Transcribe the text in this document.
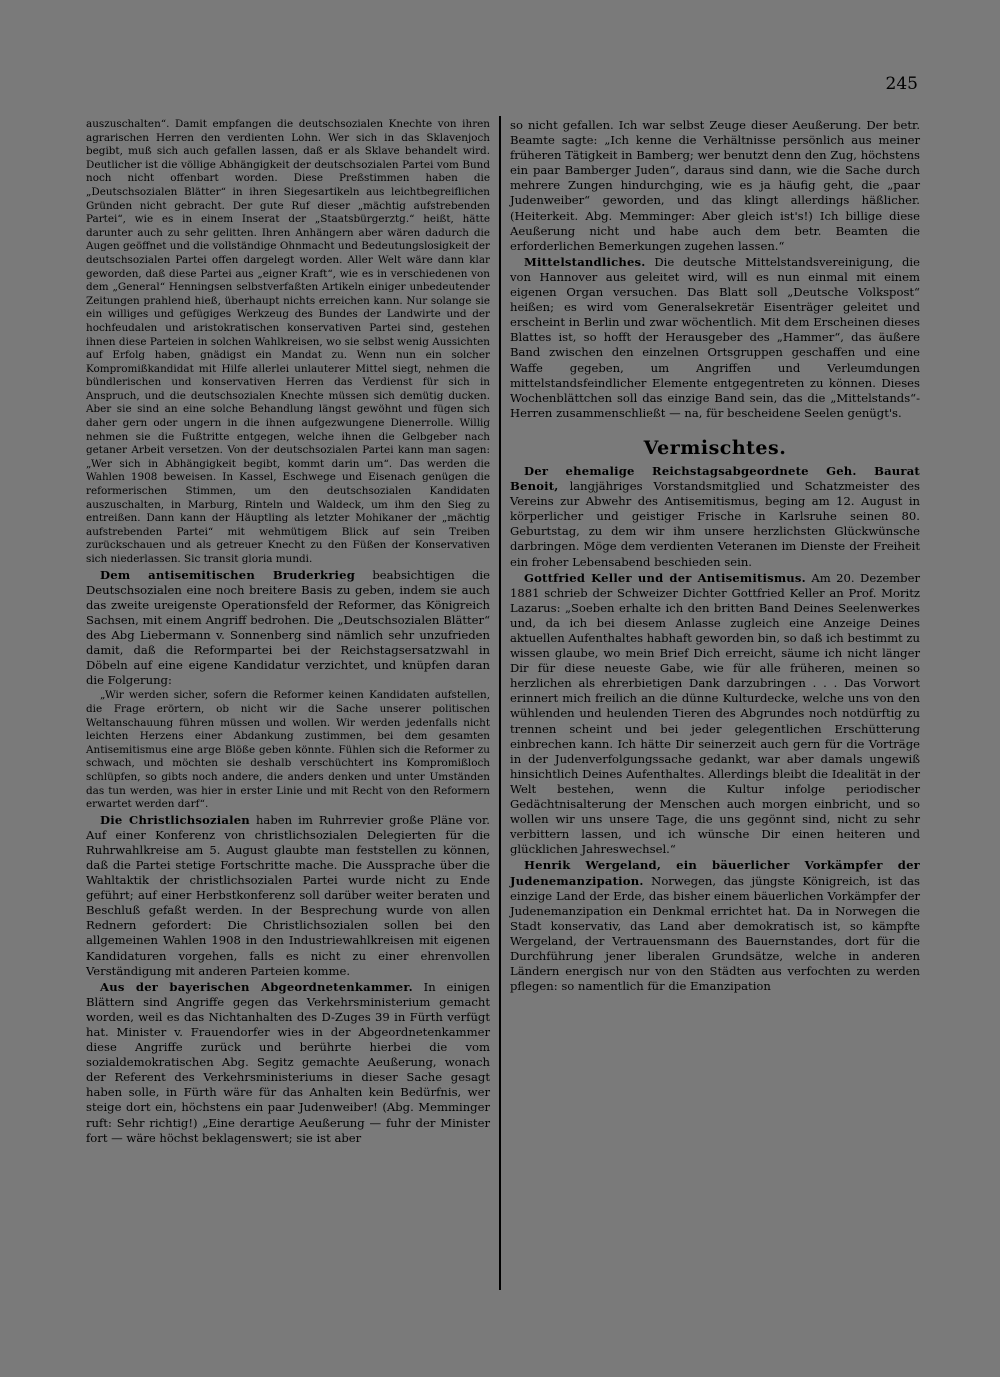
245

auszuschalten“. Damit empfangen die deutschsozialen Knechte von ihren agrarischen Herren den verdienten Lohn. Wer sich in das Sklavenjoch begibt, muß sich auch gefallen lassen, daß er als Sklave behandelt wird. Deutlicher ist die völlige Abhängigkeit der deutschsozialen Partei vom Bund noch nicht offenbart worden. Diese Preßstimmen haben die „Deutschsozialen Blätter“ in ihren Siegesartikeln aus leichtbegreiflichen Gründen nicht gebracht. Der gute Ruf dieser „mächtig aufstrebenden Partei“, wie es in einem Inserat der „Staatsbürgerztg.“ heißt, hätte darunter auch zu sehr gelitten. Ihren Anhängern aber wären dadurch die Augen geöffnet und die vollständige Ohnmacht und Bedeutungslosigkeit der deutschsozialen Partei offen dargelegt worden. Aller Welt wäre dann klar geworden, daß diese Partei aus „eigner Kraft“, wie es in verschiedenen von dem „General“ Henningsen selbstverfaßten Artikeln einiger unbedeutender Zeitungen prahlend hieß, überhaupt nichts erreichen kann. Nur solange sie ein williges und gefügiges Werkzeug des Bundes der Landwirte und der hochfeudalen und aristokratischen konservativen Partei sind, gestehen ihnen diese Parteien in solchen Wahlkreisen, wo sie selbst wenig Aussichten auf Erfolg haben, gnädigst ein Mandat zu. Wenn nun ein solcher Kompromißkandidat mit Hilfe allerlei unlauterer Mittel siegt, nehmen die bündlerischen und konservativen Herren das Verdienst für sich in Anspruch, und die deutschsozialen Knechte müssen sich demütig ducken. Aber sie sind an eine solche Behandlung längst gewöhnt und fügen sich daher gern oder ungern in die ihnen aufgezwungene Dienerrolle. Willig nehmen sie die Fußtritte entgegen, welche ihnen die Gelbgeber nach getaner Arbeit versetzen. Von der deutschsozialen Partei kann man sagen: „Wer sich in Abhängigkeit begibt, kommt darin um“. Das werden die Wahlen 1908 beweisen. In Kassel, Eschwege und Eisenach genügen die reformerischen Stimmen, um den deutschsozialen Kandidaten auszuschalten, in Marburg, Rinteln und Waldeck, um ihm den Sieg zu entreißen. Dann kann der Häuptling als letzter Mohikaner der „mächtig aufstrebenden Partei“ mit wehmütigem Blick auf sein Treiben zurückschauen und als getreuer Knecht zu den Füßen der Konservativen sich niederlassen. Sic transit gloria mundi.

Dem antisemitischen Bruderkrieg beabsichtigen die Deutschsozialen eine noch breitere Basis zu geben, indem sie auch das zweite ureigenste Operationsfeld der Reformer, das Königreich Sachsen, mit einem Angriff bedrohen. Die „Deutschsozialen Blätter“ des Abg Liebermann v. Sonnenberg sind nämlich sehr unzufrieden damit, daß die Reformpartei bei der Reichstagsersatzwahl in Döbeln auf eine eigene Kandidatur verzichtet, und knüpfen daran die Folgerung:

„Wir werden sicher, sofern die Reformer keinen Kandidaten aufstellen, die Frage erörtern, ob nicht wir die Sache unserer politischen Weltanschauung führen müssen und wollen. Wir werden jedenfalls nicht leichten Herzens einer Abdankung zustimmen, bei dem gesamten Antisemitismus eine arge Blöße geben könnte. Fühlen sich die Reformer zu schwach, und möchten sie deshalb verschüchtert ins Kompromißloch schlüpfen, so gibts noch andere, die anders denken und unter Umständen das tun werden, was hier in erster Linie und mit Recht von den Reformern erwartet werden darf“.

Die Christlichsozialen haben im Ruhrrevier große Pläne vor. Auf einer Konferenz von christlichsozialen Delegierten für die Ruhrwahlkreise am 5. August glaubte man feststellen zu können, daß die Partei stetige Fortschritte mache. Die Aussprache über die Wahltaktik der christlichsozialen Partei wurde nicht zu Ende geführt; auf einer Herbstkonferenz soll darüber weiter beraten und Beschluß gefaßt werden. In der Besprechung wurde von allen Rednern gefordert: Die Christlichsozialen sollen bei den allgemeinen Wahlen 1908 in den Industriewahlkreisen mit eigenen Kandidaturen vorgehen, falls es nicht zu einer ehrenvollen Verständigung mit anderen Parteien komme.

Aus der bayerischen Abgeordnetenkammer. In einigen Blättern sind Angriffe gegen das Verkehrsministerium gemacht worden, weil es das Nichtanhalten des D-Zuges 39 in Fürth verfügt hat. Minister v. Frauendorfer wies in der Abgeordnetenkammer diese Angriffe zurück und berührte hierbei die vom sozialdemokratischen Abg. Segitz gemachte Aeußerung, wonach der Referent des Verkehrsministeriums in dieser Sache gesagt haben solle, in Fürth wäre für das Anhalten kein Bedürfnis, wer steige dort ein, höchstens ein paar Judenweiber! (Abg. Memminger ruft: Sehr richtig!) „Eine derartige Aeußerung — fuhr der Minister fort — wäre höchst beklagenswert; sie ist aber

so nicht gefallen. Ich war selbst Zeuge dieser Aeußerung. Der betr. Beamte sagte: „Ich kenne die Verhältnisse persönlich aus meiner früheren Tätigkeit in Bamberg; wer benutzt denn den Zug, höchstens ein paar Bamberger Juden“, daraus sind dann, wie die Sache durch mehrere Zungen hindurchging, wie es ja häufig geht, die „paar Judenweiber“ geworden, und das klingt allerdings häßlicher. (Heiterkeit. Abg. Memminger: Aber gleich ist's!) Ich billige diese Aeußerung nicht und habe auch dem betr. Beamten die erforderlichen Bemerkungen zugehen lassen.“

Mittelstandliches. Die deutsche Mittelstandsvereinigung, die von Hannover aus geleitet wird, will es nun einmal mit einem eigenen Organ versuchen. Das Blatt soll „Deutsche Volkspost“ heißen; es wird vom Generalsekretär Eisenträger geleitet und erscheint in Berlin und zwar wöchentlich. Mit dem Erscheinen dieses Blattes ist, so hofft der Herausgeber des „Hammer“, das äußere Band zwischen den einzelnen Ortsgruppen geschaffen und eine Waffe gegeben, um Angriffen und Verleumdungen mittelstandsfeindlicher Elemente entgegentreten zu können. Dieses Wochenblättchen soll das einzige Band sein, das die „Mittelstands“-Herren zusammenschließt — na, für bescheidene Seelen genügt's.

Vermischtes.

Der ehemalige Reichstagsabgeordnete Geh. Baurat Benoit, langjähriges Vorstandsmitglied und Schatzmeister des Vereins zur Abwehr des Antisemitismus, beging am 12. August in körperlicher und geistiger Frische in Karlsruhe seinen 80. Geburtstag, zu dem wir ihm unsere herzlichsten Glückwünsche darbringen. Möge dem verdienten Veteranen im Dienste der Freiheit ein froher Lebensabend beschieden sein.

Gottfried Keller und der Antisemitismus. Am 20. Dezember 1881 schrieb der Schweizer Dichter Gottfried Keller an Prof. Moritz Lazarus: „Soeben erhalte ich den britten Band Deines Seelenwerkes und, da ich bei diesem Anlasse zugleich eine Anzeige Deines aktuellen Aufenthaltes habhaft geworden bin, so daß ich bestimmt zu wissen glaube, wo mein Brief Dich erreicht, säume ich nicht länger Dir für diese neueste Gabe, wie für alle früheren, meinen so herzlichen als ehrerbietigen Dank darzubringen . . . Das Vorwort erinnert mich freilich an die dünne Kulturdecke, welche uns von den wühlenden und heulenden Tieren des Abgrundes noch notdürftig zu trennen scheint und bei jeder gelegentlichen Erschütterung einbrechen kann. Ich hätte Dir seinerzeit auch gern für die Vorträge in der Judenverfolgungssache gedankt, war aber damals ungewiß hinsichtlich Deines Aufenthaltes. Allerdings bleibt die Idealität in der Welt bestehen, wenn die Kultur infolge periodischer Gedächtnisalterung der Menschen auch morgen einbricht, und so wollen wir uns unsere Tage, die uns gegönnt sind, nicht zu sehr verbittern lassen, und ich wünsche Dir einen heiteren und glücklichen Jahreswechsel.“

Henrik Wergeland, ein bäuerlicher Vorkämpfer der Judenemanzipation. Norwegen, das jüngste Königreich, ist das einzige Land der Erde, das bisher einem bäuerlichen Vorkämpfer der Judenemanzipation ein Denkmal errichtet hat. Da in Norwegen die Stadt konservativ, das Land aber demokratisch ist, so kämpfte Wergeland, der Vertrauensmann des Bauernstandes, dort für die Durchführung jener liberalen Grundsätze, welche in anderen Ländern energisch nur von den Städten aus verfochten zu werden pflegen: so namentlich für die Emanzipation
